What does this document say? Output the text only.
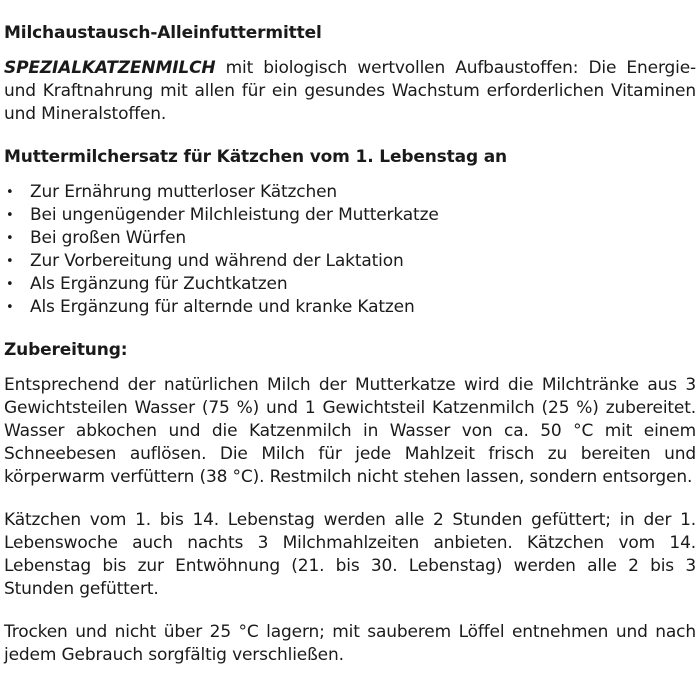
Milchaustausch-Alleinfuttermittel

SPEZIALKATZENMILCH mit biologisch wertvollen Aufbaustoffen: Die Energie- und Kraftnahrung mit allen für ein gesundes Wachstum erforderlichen Vitaminen und Mineralstoffen.

Muttermilchersatz für Kätzchen vom 1. Lebenstag an

• Zur Ernährung mutterloser Kätzchen
• Bei ungenügender Milchleistung der Mutterkatze
• Bei großen Würfen
• Zur Vorbereitung und während der Laktation
• Als Ergänzung für Zuchtkatzen
• Als Ergänzung für alternde und kranke Katzen

Zubereitung:

Entsprechend der natürlichen Milch der Mutterkatze wird die Milchtränke aus 3 Gewichtsteilen Wasser (75 %) und 1 Gewichtsteil Katzenmilch (25 %) zubereitet. Wasser abkochen und die Katzenmilch in Wasser von ca. 50 °C mit einem Schneebesen auflösen. Die Milch für jede Mahlzeit frisch zu bereiten und körperwarm verfüttern (38 °C). Restmilch nicht stehen lassen, sondern entsorgen.

Kätzchen vom 1. bis 14. Lebenstag werden alle 2 Stunden gefüttert; in der 1. Lebenswoche auch nachts 3 Milchmahlzeiten anbieten. Kätzchen vom 14. Lebenstag bis zur Entwöhnung (21. bis 30. Lebenstag) werden alle 2 bis 3 Stunden gefüttert.

Trocken und nicht über 25 °C lagern; mit sauberem Löffel entnehmen und nach jedem Gebrauch sorgfältig verschließen.
